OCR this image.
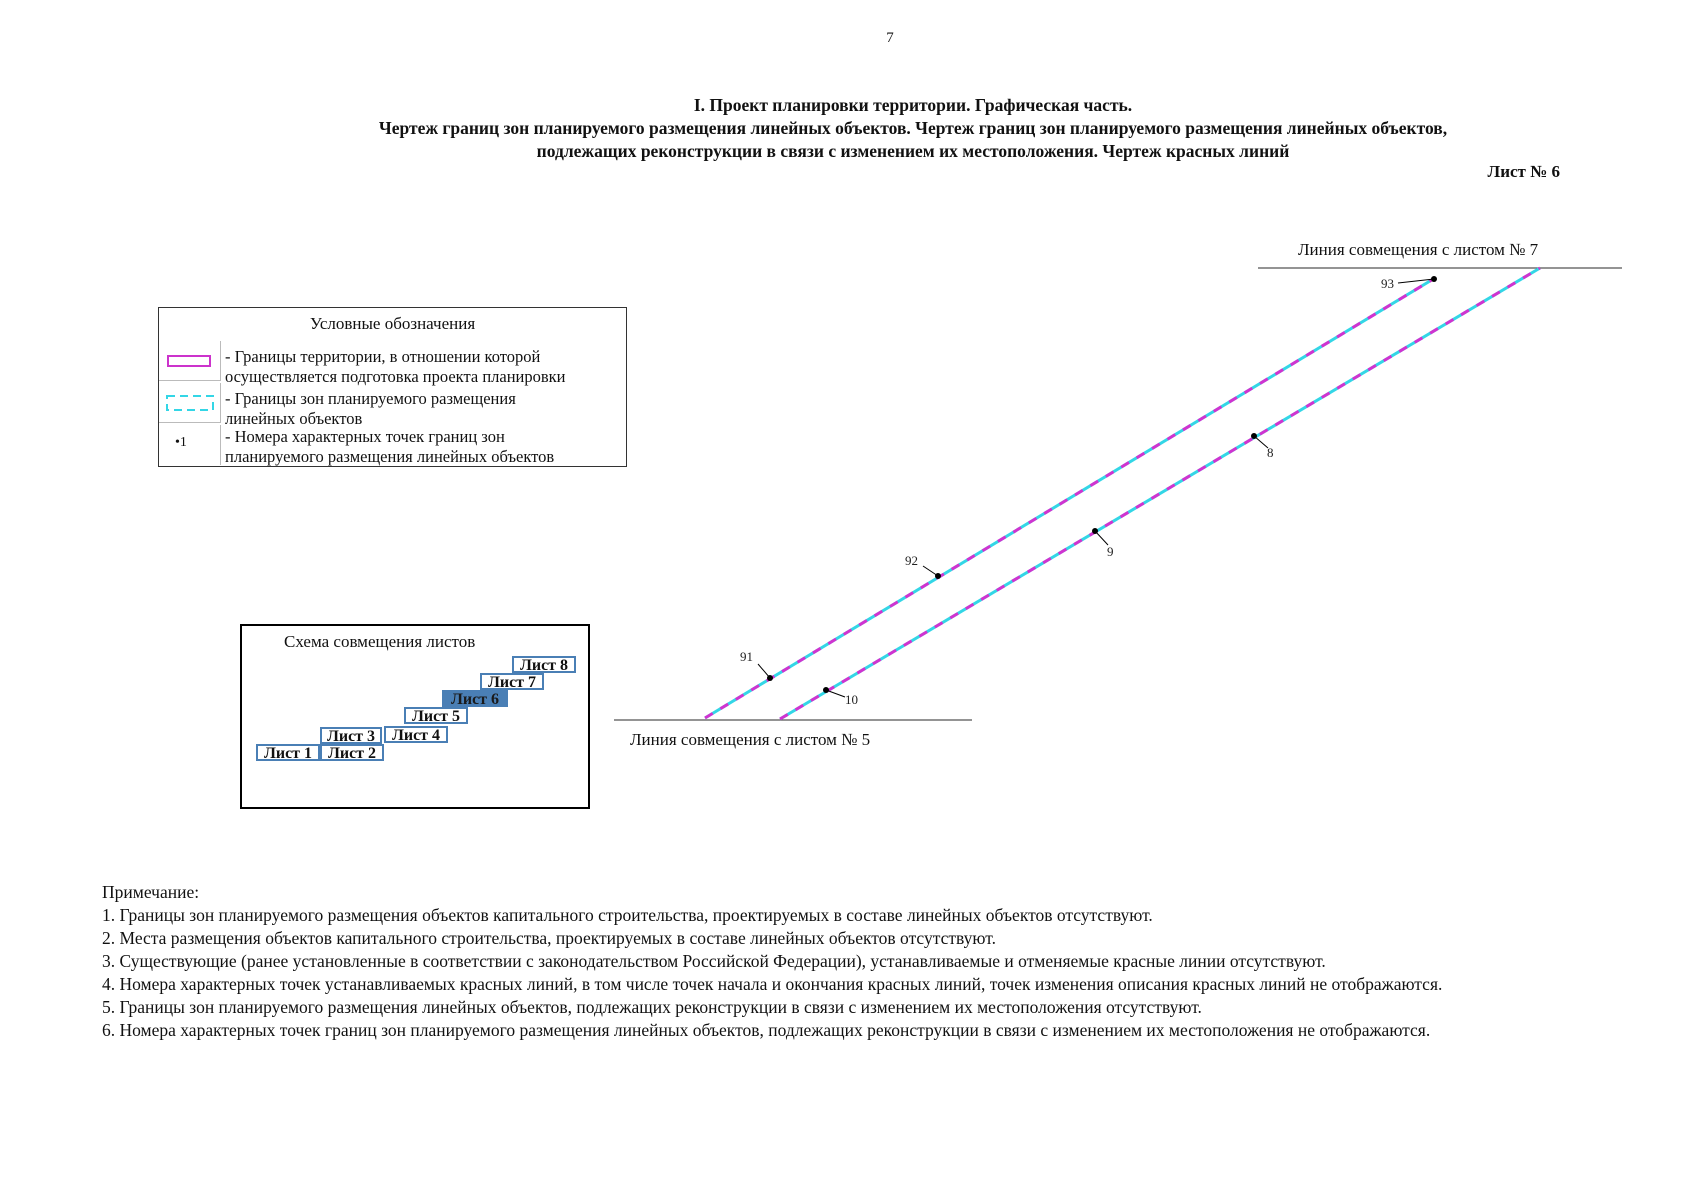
7
I. Проект планировки территории. Графическая часть.
Чертеж границ зон планируемого размещения линейных объектов. Чертеж границ зон планируемого размещения линейных объектов,
подлежащих реконструкции в связи с изменением их местоположения. Чертеж красных линий
Лист № 6
Условные обозначения
- Границы территории, в отношении которой
осуществляется подготовка проекта планировки
- Границы зон планируемого размещения
линейных объектов
•1 - Номера характерных точек границ зон
планируемого размещения линейных объектов
Схема совмещения листов
Лист 1 Лист 2
Лист 3	Лист 4
Лист 5
Лист 6
Лист 7
Лист 8
93
92
91
8
9
10
Линия совмещения с листом № 7
Линия совмещения с листом № 5
Примечание:
1. Границы зон планируемого размещения объектов капитального строительства, проектируемых в составе линейных объектов отсутствуют.
2. Места размещения объектов капитального строительства, проектируемых в составе линейных объектов отсутствуют.
3. Существующие (ранее установленные в соответствии с законодательством Российской Федерации), устанавливаемые и отменяемые красные линии отсутствуют.
4. Номера характерных точек устанавливаемых красных линий, в том числе точек начала и окончания красных линий, точек изменения описания красных линий не отображаются.
5. Границы зон планируемого размещения линейных объектов, подлежащих реконструкции в связи с изменением их местоположения отсутствуют.
6. Номера характерных точек границ зон планируемого размещения линейных объектов, подлежащих реконструкции в связи с изменением их местоположения не отображаются.
